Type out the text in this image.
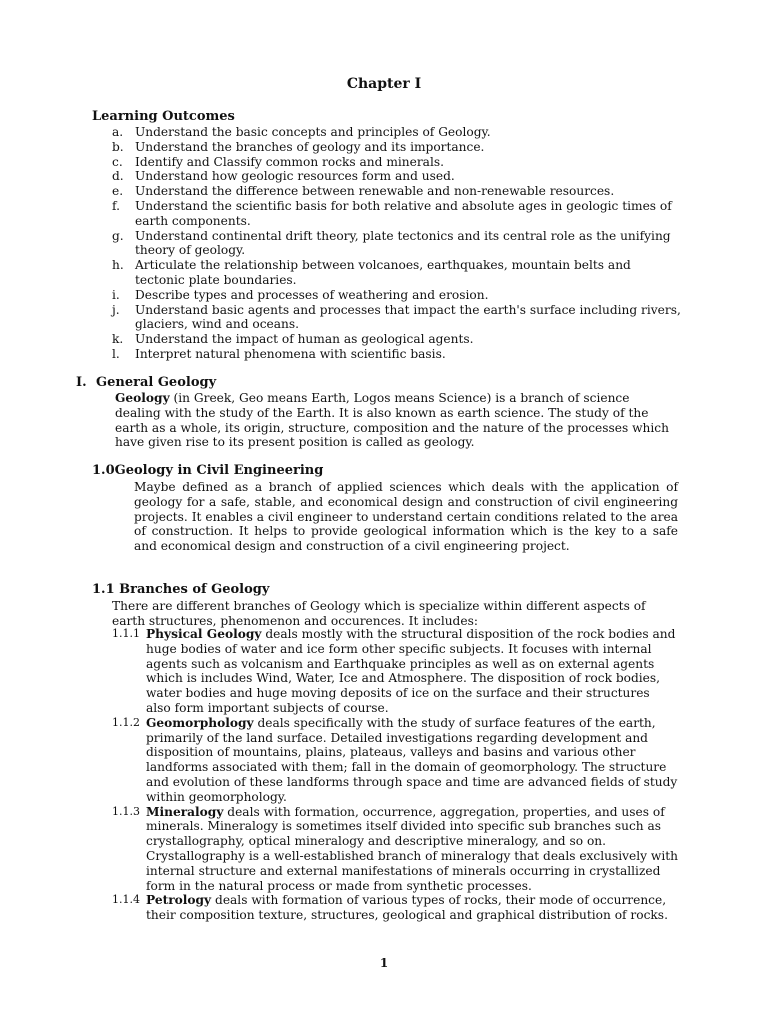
Chapter I
Learning Outcomes
a. Understand the basic concepts and principles of Geology.
b. Understand the branches of geology and its importance.
c. Identify and Classify common rocks and minerals.
d. Understand how geologic resources form and used.
e. Understand the difference between renewable and non-renewable resources.
f. Understand the scientific basis for both relative and absolute ages in geologic times of earth components.
g. Understand continental drift theory, plate tectonics and its central role as the unifying theory of geology.
h. Articulate the relationship between volcanoes, earthquakes, mountain belts and tectonic plate boundaries.
i. Describe types and processes of weathering and erosion.
j. Understand basic agents and processes that impact the earth's surface including rivers, glaciers, wind and oceans.
k. Understand the impact of human as geological agents.
l. Interpret natural phenomena with scientific basis.
I. General Geology
Geology (in Greek, Geo means Earth, Logos means Science) is a branch of science dealing with the study of the Earth. It is also known as earth science. The study of the earth as a whole, its origin, structure, composition and the nature of the processes which have given rise to its present position is called as geology.
1.0Geology in Civil Engineering
Maybe defined as a branch of applied sciences which deals with the application of geology for a safe, stable, and economical design and construction of civil engineering projects. It enables a civil engineer to understand certain conditions related to the area of construction. It helps to provide geological information which is the key to a safe and economical design and construction of a civil engineering project.
1.1 Branches of Geology
There are different branches of Geology which is specialize within different aspects of earth structures, phenomenon and occurences. It includes:
1.1.1 Physical Geology deals mostly with the structural disposition of the rock bodies and huge bodies of water and ice form other specific subjects. It focuses with internal agents such as volcanism and Earthquake principles as well as on external agents which is includes Wind, Water, Ice and Atmosphere. The disposition of rock bodies, water bodies and huge moving deposits of ice on the surface and their structures also form important subjects of course.
1.1.2 Geomorphology deals specifically with the study of surface features of the earth, primarily of the land surface. Detailed investigations regarding development and disposition of mountains, plains, plateaus, valleys and basins and various other landforms associated with them; fall in the domain of geomorphology. The structure and evolution of these landforms through space and time are advanced fields of study within geomorphology.
1.1.3 Mineralogy deals with formation, occurrence, aggregation, properties, and uses of minerals. Mineralogy is sometimes itself divided into specific sub branches such as crystallography, optical mineralogy and descriptive mineralogy, and so on. Crystallography is a well-established branch of mineralogy that deals exclusively with internal structure and external manifestations of minerals occurring in crystallized form in the natural process or made from synthetic processes.
1.1.4 Petrology deals with formation of various types of rocks, their mode of occurrence, their composition texture, structures, geological and graphical distribution of rocks.
1
